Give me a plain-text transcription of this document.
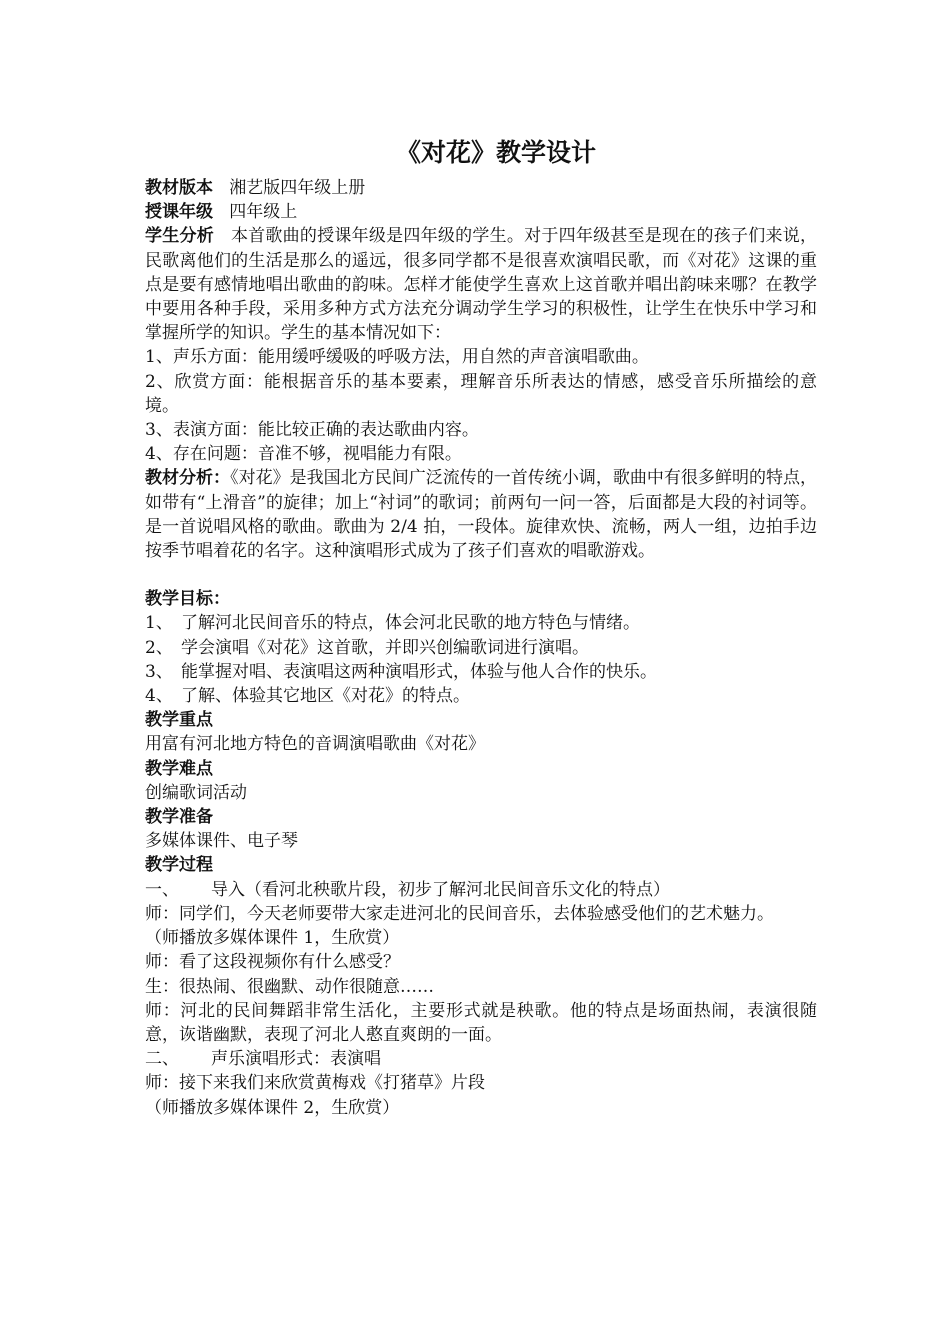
《对花》教学设计

教材版本 湘艺版四年级上册

授课年级 四年级上

学生分析 本首歌曲的授课年级是四年级的学生。对于四年级甚至是现在的孩子们来说，民歌离他们的生活是那么的遥远，很多同学都不是很喜欢演唱民歌，而《对花》这课的重点是要有感情地唱出歌曲的韵味。怎样才能使学生喜欢上这首歌并唱出韵味来哪？在教学中要用各种手段，采用多种方式方法充分调动学生学习的积极性，让学生在快乐中学习和掌握所学的知识。学生的基本情况如下：

1、声乐方面：能用缓呼缓吸的呼吸方法，用自然的声音演唱歌曲。

2、欣赏方面：能根据音乐的基本要素，理解音乐所表达的情感，感受音乐所描绘的意境。

3、表演方面：能比较正确的表达歌曲内容。

4、存在问题：音准不够，视唱能力有限。

教材分析：《对花》是我国北方民间广泛流传的一首传统小调，歌曲中有很多鲜明的特点，如带有“上滑音”的旋律；加上“衬词”的歌词；前两句一问一答，后面都是大段的衬词等。是一首说唱风格的歌曲。歌曲为 2/4 拍，一段体。旋律欢快、流畅，两人一组，边拍手边按季节唱着花的名字。这种演唱形式成为了孩子们喜欢的唱歌游戏。

教学目标：

1、 了解河北民间音乐的特点，体会河北民歌的地方特色与情绪。

2、 学会演唱《对花》这首歌，并即兴创编歌词进行演唱。

3、 能掌握对唱、表演唱这两种演唱形式，体验与他人合作的快乐。

4、 了解、体验其它地区《对花》的特点。

教学重点

用富有河北地方特色的音调演唱歌曲《对花》

教学难点

创编歌词活动

教学准备

多媒体课件、电子琴

教学过程

一、 导入（看河北秧歌片段，初步了解河北民间音乐文化的特点）

师：同学们，今天老师要带大家走进河北的民间音乐，去体验感受他们的艺术魅力。

（师播放多媒体课件 1，生欣赏）

师：看了这段视频你有什么感受？

生：很热闹、很幽默、动作很随意……

师：河北的民间舞蹈非常生活化，主要形式就是秧歌。他的特点是场面热闹，表演很随意，诙谐幽默，表现了河北人憨直爽朗的一面。

二、 声乐演唱形式：表演唱

师：接下来我们来欣赏黄梅戏《打猪草》片段

（师播放多媒体课件 2，生欣赏）
